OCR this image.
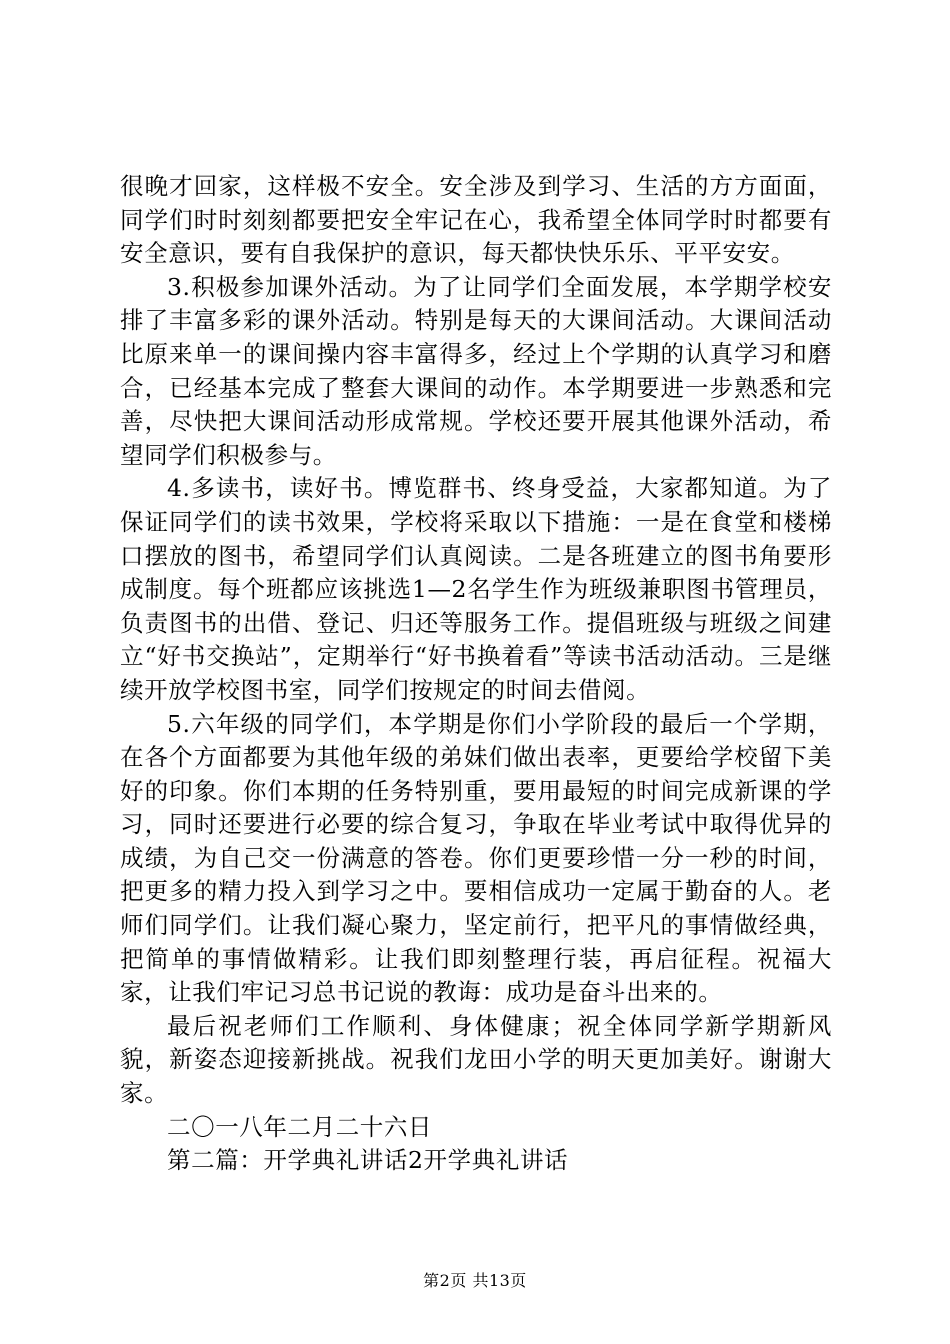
很晚才回家，这样极不安全。安全涉及到学习、生活的方方面面，同学们时时刻刻都要把安全牢记在心，我希望全体同学时时都要有安全意识，要有自我保护的意识，每天都快快乐乐、平平安安。

3.积极参加课外活动。为了让同学们全面发展，本学期学校安排了丰富多彩的课外活动。特别是每天的大课间活动。大课间活动比原来单一的课间操内容丰富得多，经过上个学期的认真学习和磨合，已经基本完成了整套大课间的动作。本学期要进一步熟悉和完善，尽快把大课间活动形成常规。学校还要开展其他课外活动，希望同学们积极参与。

4.多读书，读好书。博览群书、终身受益，大家都知道。为了保证同学们的读书效果，学校将采取以下措施：一是在食堂和楼梯口摆放的图书，希望同学们认真阅读。二是各班建立的图书角要形成制度。每个班都应该挑选1—2名学生作为班级兼职图书管理员，负责图书的出借、登记、归还等服务工作。提倡班级与班级之间建立“好书交换站”，定期举行“好书换着看”等读书活动活动。三是继续开放学校图书室，同学们按规定的时间去借阅。

5.六年级的同学们，本学期是你们小学阶段的最后一个学期，在各个方面都要为其他年级的弟妹们做出表率，更要给学校留下美好的印象。你们本期的任务特别重，要用最短的时间完成新课的学习，同时还要进行必要的综合复习，争取在毕业考试中取得优异的成绩，为自己交一份满意的答卷。你们更要珍惜一分一秒的时间，把更多的精力投入到学习之中。要相信成功一定属于勤奋的人。老师们同学们。让我们凝心聚力，坚定前行，把平凡的事情做经典，把简单的事情做精彩。让我们即刻整理行装，再启征程。祝福大家，让我们牢记习总书记说的教诲：成功是奋斗出来的。

最后祝老师们工作顺利、身体健康；祝全体同学新学期新风貌，新姿态迎接新挑战。祝我们龙田小学的明天更加美好。谢谢大家。

二〇一八年二月二十六日

第二篇：开学典礼讲话2开学典礼讲话

第2页 共13页
